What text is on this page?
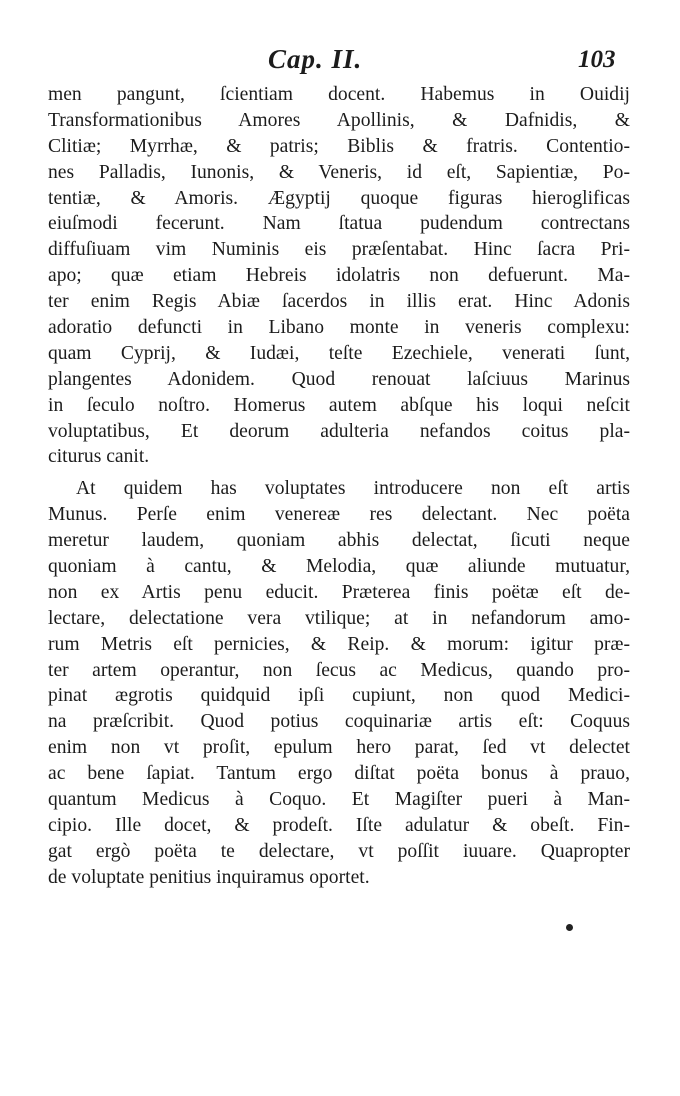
Cap. II.	103
men pangunt, ſcientiam docent. Habemus in Ouidij
Transformationibus Amores Apollinis, & Dafnidis, &
Clitiæ; Myrrhæ, & patris; Biblis & fratris. Contentio-
nes Palladis, Iunonis, & Veneris, id eſt, Sapientiæ, Po-
tentiæ, & Amoris. Ægyptij quoque figuras hieroglificas
eiuſmodi fecerunt. Nam ſtatua pudendum contrectans
diffuſiuam vim Numinis eis præſentabat. Hinc ſacra Pri-
apo; quæ etiam Hebreis idolatris non defuerunt. Ma-
ter enim Regis Abiæ ſacerdos in illis erat. Hinc Adonis
adoratio defuncti in Libano monte in veneris complexu:
quam Cyprij, & Iudæi, teſte Ezechiele, venerati ſunt,
plangentes Adonidem. Quod renouat laſciuus Marinus
in ſeculo noſtro. Homerus autem abſque his loqui neſcit
voluptatibus, Et deorum adulteria nefandos coitus pla-
citurus canit.
At quidem has voluptates introducere non eſt artis
Munus. Perſe enim venereæ res delectant. Nec poëta
meretur laudem, quoniam abhis delectat, ſicuti neque
quoniam à cantu, & Melodia, quæ aliunde mutuatur,
non ex Artis penu educit. Præterea finis poëtæ eſt de-
lectare, delectatione vera vtilique; at in nefandorum amo-
rum Metris eſt pernicies, & Reip. & morum: igitur præ-
ter artem operantur, non ſecus ac Medicus, quando pro-
pinat ægrotis quidquid ipſi cupiunt, non quod Medici-
na præſcribit. Quod potius coquinariæ artis eſt: Coquus
enim non vt proſit, epulum hero parat, ſed vt delectet
ac bene ſapiat. Tantum ergo diſtat poëta bonus à prauo,
quantum Medicus à Coquo. Et Magiſter pueri à Man-
cipio. Ille docet, & prodeſt. Iſte adulatur & obeſt. Fin-
gat ergò poëta te delectare, vt poſſit iuuare. Quapropter
de voluptate penitius inquiramus oportet.
